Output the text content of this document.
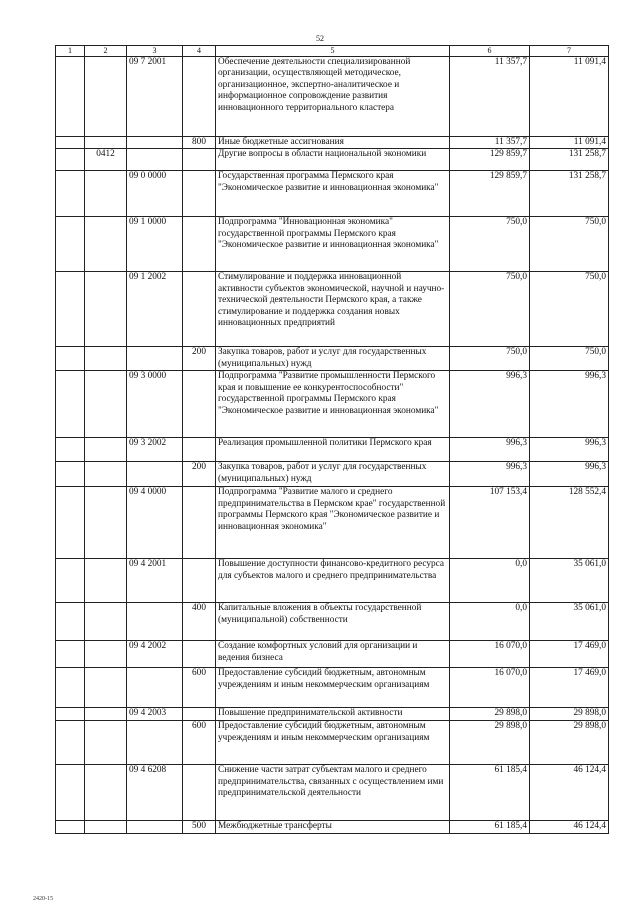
52
1	2	3	4	5	6	7
		09 7 2001		Обеспечение деятельности специализированной организации, осуществляющей методическое, организационное, экспертно-аналитическое и информационное сопровождение развития инновационного территориального кластера	11 357,7	11 091,4
			800	Иные бюджетные ассигнования	11 357,7	11 091,4
	0412			Другие вопросы в области национальной экономики	129 859,7	131 258,7
		09 0 0000		Государственная программа Пермского края "Экономическое развитие и инновационная экономика"	129 859,7	131 258,7
		09 1 0000		Подпрограмма "Инновационная экономика" государственной программы Пермского края "Экономическое развитие и инновационная экономика"	750,0	750,0
		09 1 2002		Стимулирование и поддержка инновационной активности субъектов экономической, научной и научно-технической деятельности Пермского края, а также стимулирование и поддержка создания новых инновационных предприятий	750,0	750,0
			200	Закупка товаров, работ и услуг для государственных (муниципальных) нужд	750,0	750,0
		09 3 0000		Подпрограмма "Развитие промышленности Пермского края и повышение ее конкурентоспособности" государственной программы Пермского края "Экономическое развитие и инновационная экономика"	996,3	996,3
		09 3 2002		Реализация промышленной политики Пермского края	996,3	996,3
			200	Закупка товаров, работ и услуг для государственных (муниципальных) нужд	996,3	996,3
		09 4 0000		Подпрограмма "Развитие малого и среднего предпринимательства в Пермском крае" государственной программы Пермского края "Экономическое развитие и инновационная экономика"	107 153,4	128 552,4
		09 4 2001		Повышение доступности финансово-кредитного ресурса для субъектов малого и среднего предпринимательства	0,0	35 061,0
			400	Капитальные вложения в объекты государственной (муниципальной) собственности	0,0	35 061,0
		09 4 2002		Создание комфортных условий для организации и ведения бизнеса	16 070,0	17 469,0
			600	Предоставление субсидий бюджетным, автономным учреждениям и иным некоммерческим организациям	16 070,0	17 469,0
		09 4 2003		Повышение предпринимательской активности	29 898,0	29 898,0
			600	Предоставление субсидий бюджетным, автономным учреждениям и иным некоммерческим организациям	29 898,0	29 898,0
		09 4 6208		Снижение части затрат субъектам малого и среднего предпринимательства, связанных с осуществлением ими предпринимательской деятельности	61 185,4	46 124,4
			500	Межбюджетные трансферты	61 185,4	46 124,4
2420-15
